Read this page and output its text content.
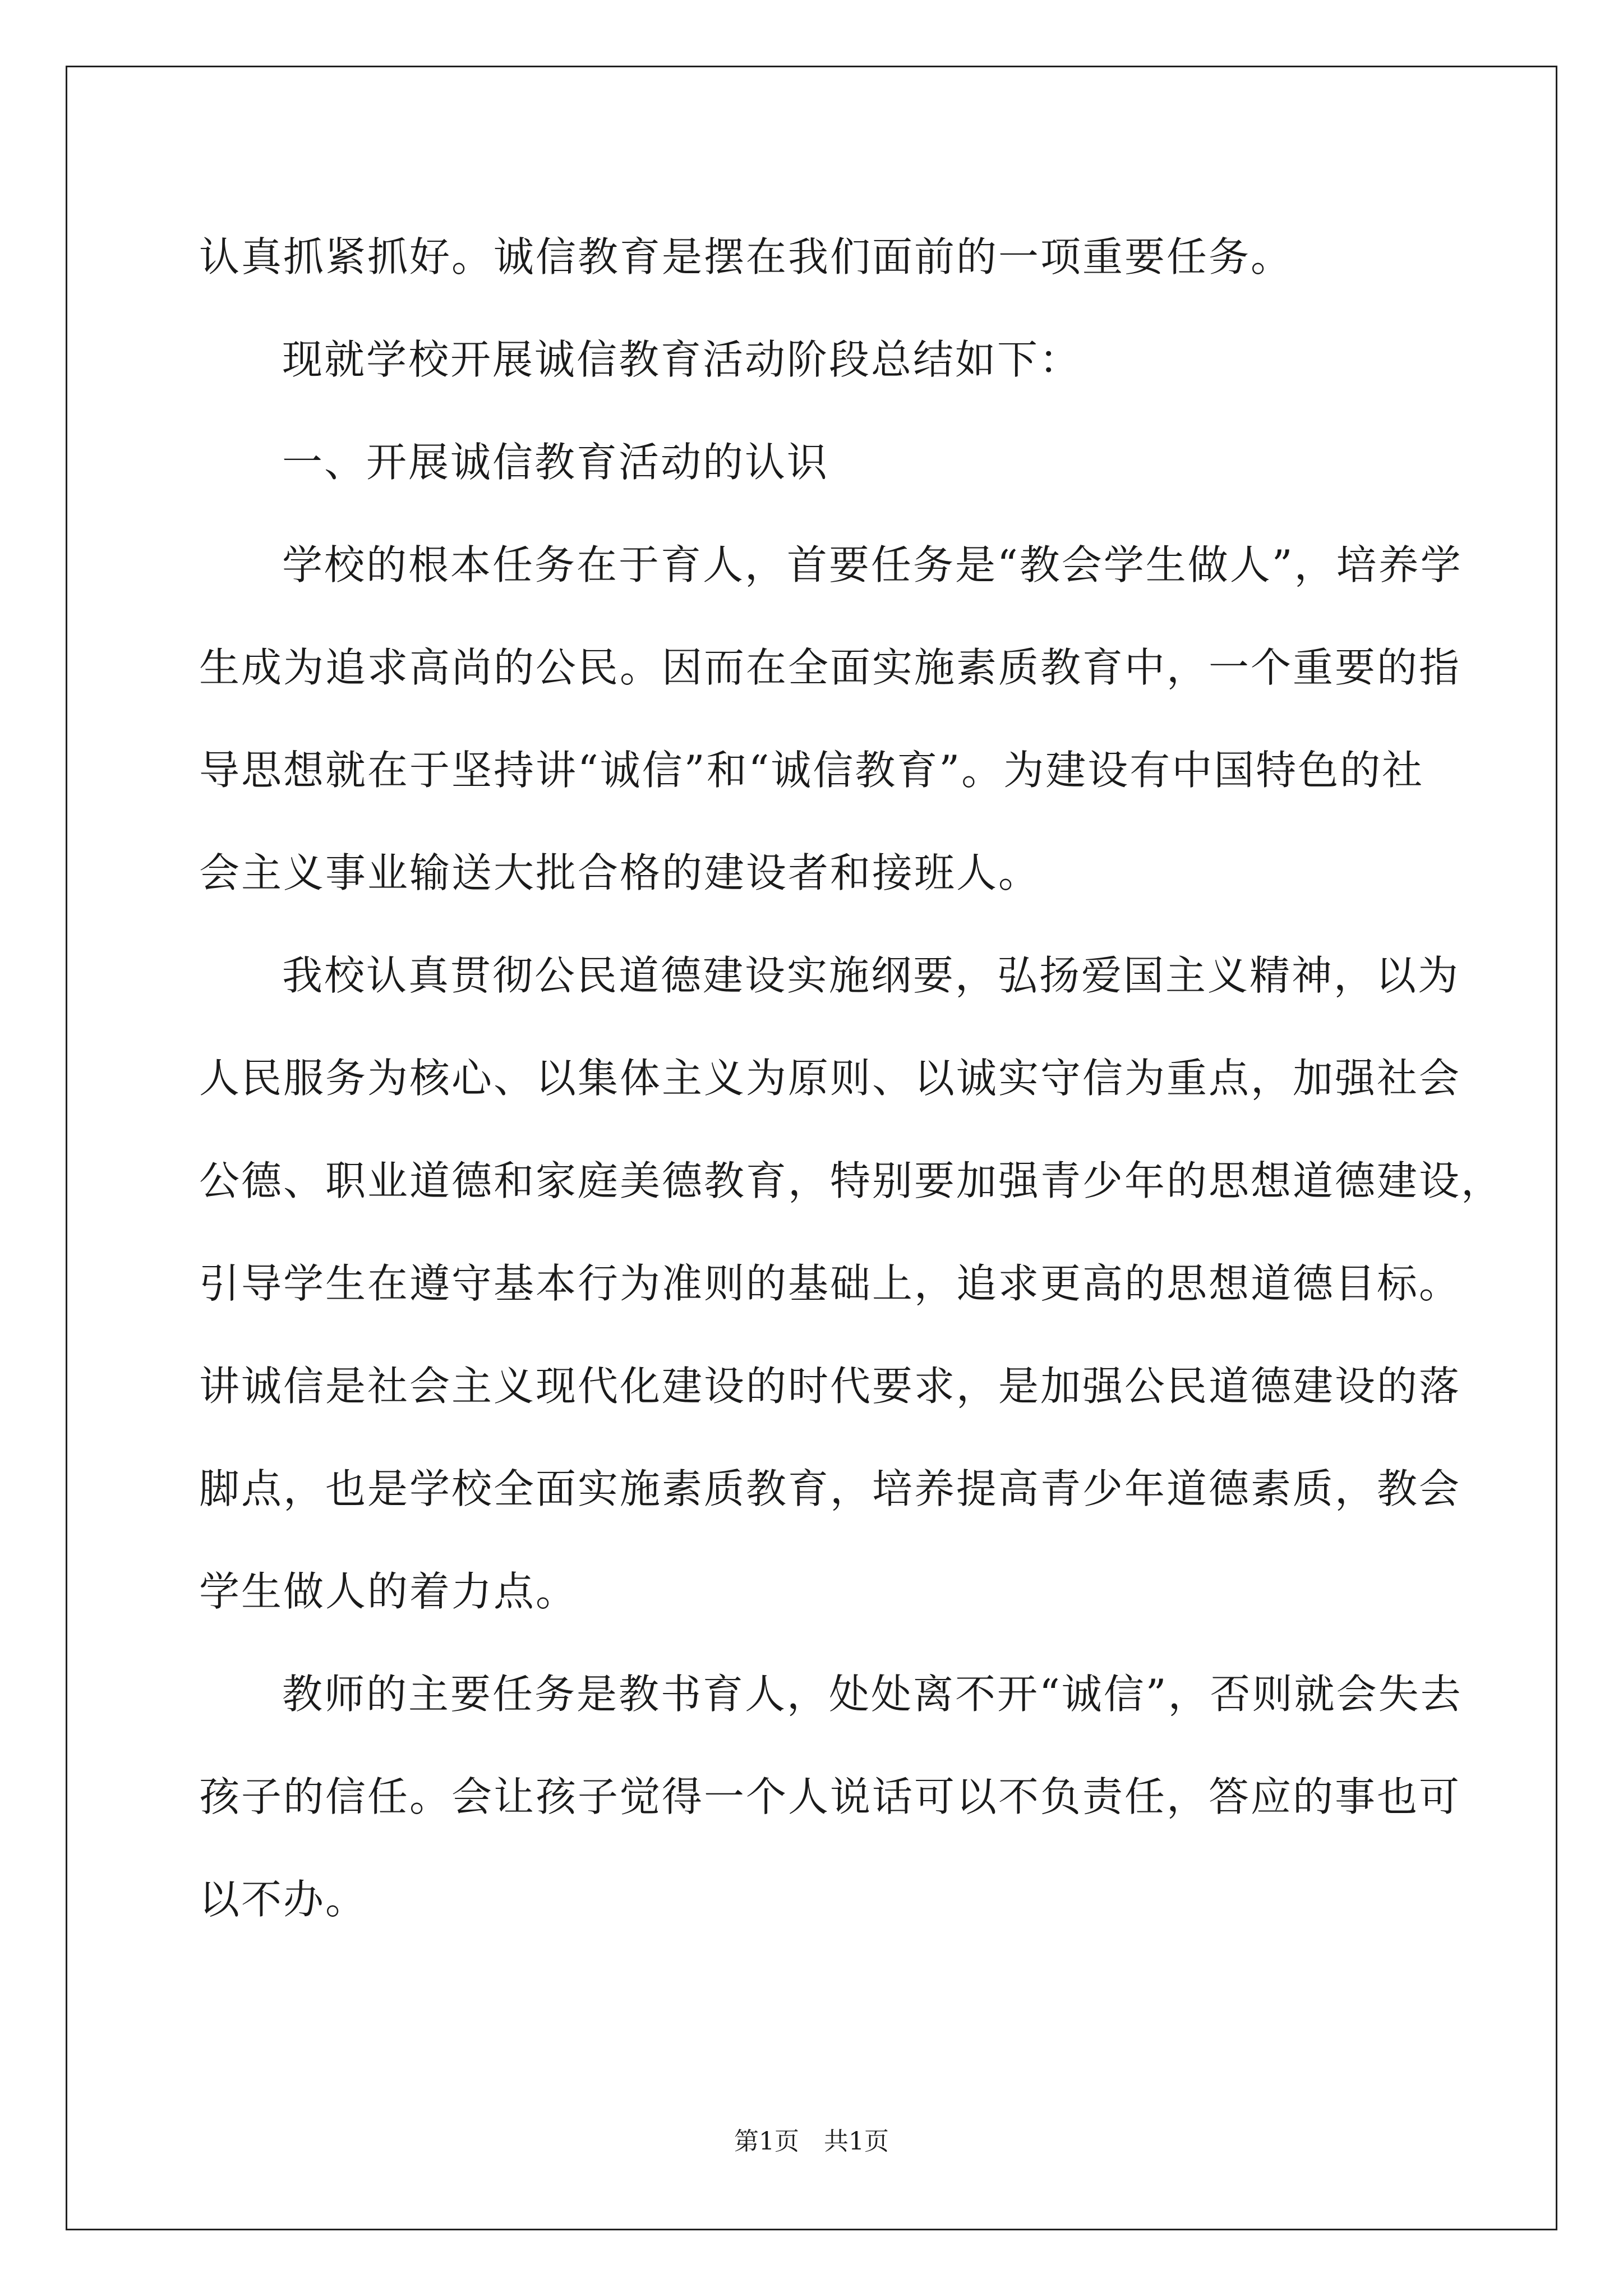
认真抓紧抓好。诚信教育是摆在我们面前的一项重要任务。

现就学校开展诚信教育活动阶段总结如下：

一、开展诚信教育活动的认识

学校的根本任务在于育人，首要任务是“教会学生做人”，培养学

生成为追求高尚的公民。因而在全面实施素质教育中，一个重要的指

导思想就在于坚持讲“诚信”和“诚信教育”。为建设有中国特色的社

会主义事业输送大批合格的建设者和接班人。

我校认真贯彻公民道德建设实施纲要，弘扬爱国主义精神，以为

人民服务为核心、以集体主义为原则、以诚实守信为重点，加强社会

公德、职业道德和家庭美德教育，特别要加强青少年的思想道德建设，

引导学生在遵守基本行为准则的基础上，追求更高的思想道德目标。

讲诚信是社会主义现代化建设的时代要求，是加强公民道德建设的落

脚点，也是学校全面实施素质教育，培养提高青少年道德素质，教会

学生做人的着力点。

教师的主要任务是教书育人，处处离不开“诚信”，否则就会失去

孩子的信任。会让孩子觉得一个人说话可以不负责任，答应的事也可

以不办。

第1页　共1页
